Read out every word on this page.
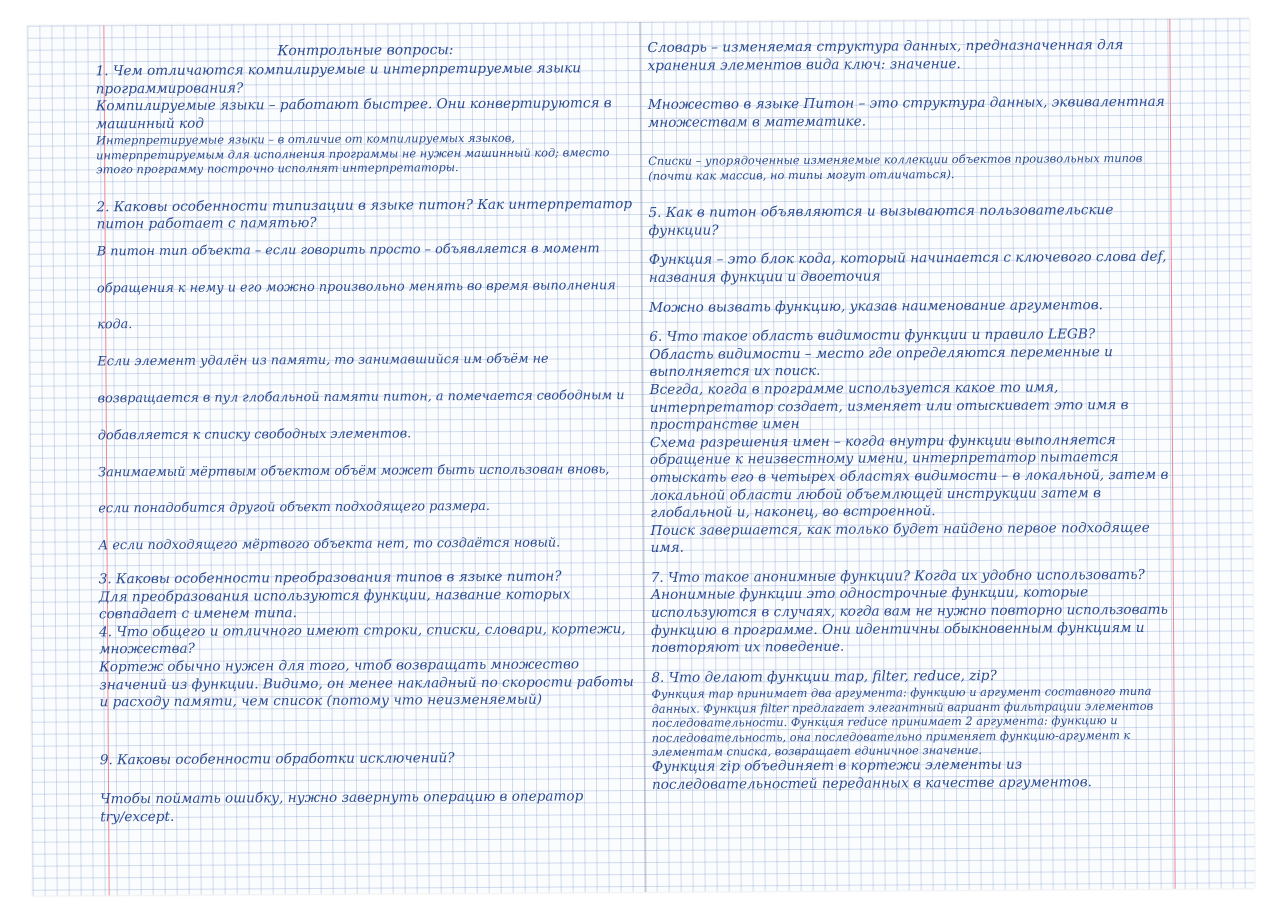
Контрольные вопросы:

1. Чем отличаются компилируемые и интерпретируемые языки программирования?

Компилируемые языки – работают быстрее. Они конвертируются в машинный код

Интерпретируемые языки – в отличие от компилируемых языков, интерпретируемым для исполнения программы не нужен машинный код; вместо этого программу построчно исполнят интерпретаторы.

2. Каковы особенности типизации в языке питон? Как интерпретатор питон работает с памятью?

В питон тип объекта – если говорить просто – объявляется в момент обращения к нему и его можно произвольно менять во время выполнения кода.

Если элемент удалён из памяти, то занимавшийся им объём не возвращается в пул глобальной памяти питон, а помечается свободным и добавляется к списку свободных элементов.

Занимаемый мёртвым объектом объём может быть использован вновь, если понадобится другой объект подходящего размера.

А если подходящего мёртвого объекта нет, то создаётся новый.

3. Каковы особенности преобразования типов в языке питон?

Для преобразования используются функции, название которых совпадает с именем типа.

4. Что общего и отличного имеют строки, списки, словари, кортежи, множества?

Кортеж обычно нужен для того, чтоб возвращать множество значений из функции. Видимо, он менее накладный по скорости работы и расходу памяти, чем список (потому что неизменяемый)

9. Каковы особенности обработки исключений?

Чтобы поймать ошибку, нужно завернуть операцию в оператор try/except.

Словарь – изменяемая структура данных, предназначенная для хранения элементов вида ключ: значение.

Множество в языке Питон – это структура данных, эквивалентная множествам в математике.

Списки – упорядоченные изменяемые коллекции объектов произвольных типов (почти как массив, но типы могут отличаться).

5. Как в питон объявляются и вызываются пользовательские функции?

Функция – это блок кода, который начинается с ключевого слова def, названия функции и двоеточия

Можно вызвать функцию, указав наименование аргументов.

6. Что такое область видимости функции и правило LEGB?

Область видимости – место где определяются переменные и выполняется их поиск.

Всегда, когда в программе используется какое то имя, интерпретатор создает, изменяет или отыскивает это имя в пространстве имен

Схема разрешения имен – когда внутри функции выполняется обращение к неизвестному имени, интерпретатор пытается отыскать его в четырех областях видимости – в локальной, затем в локальной области любой объемлющей инструкции затем в глобальной и, наконец, во встроенной.

Поиск завершается, как только будет найдено первое подходящее имя.

7. Что такое анонимные функции? Когда их удобно использовать?

Анонимные функции это однострочные функции, которые используются в случаях, когда вам не нужно повторно использовать функцию в программе. Они идентичны обыкновенным функциям и повторяют их поведение.

8. Что делают функции map, filter, reduce, zip?

Функция map принимает два аргумента: функцию и аргумент составного типа данных. Функция filter предлагает элегантный вариант фильтрации элементов последовательности. Функция reduce принимает 2 аргумента: функцию и последовательность, она последовательно применяет функцию-аргумент к элементам списка, возвращает единичное значение.

Функция zip объединяет в кортежи элементы из последовательностей переданных в качестве аргументов.
